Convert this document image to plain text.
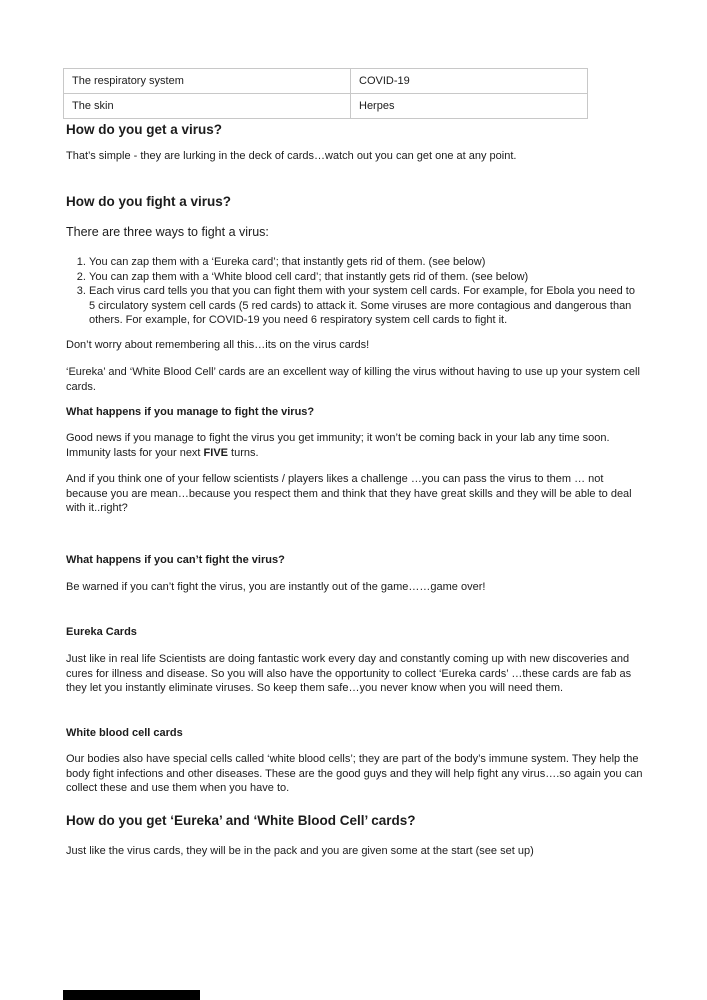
The respiratory system	COVID-19
The skin	Herpes
How do you get a virus?
That’s simple - they are lurking in the deck of cards…watch out you can get one at any point.
How do you fight a virus?
There are three ways to fight a virus:
1. You can zap them with a ‘Eureka card’; that instantly gets rid of them. (see below)
2. You can zap them with a ‘White blood cell card’; that instantly gets rid of them. (see below)
3. Each virus card tells you that you can fight them with your system cell cards. For example, for Ebola you need to 5 circulatory system cell cards (5 red cards) to attack it. Some viruses are more contagious and dangerous than others. For example, for COVID-19 you need 6 respiratory system cell cards to fight it.
Don’t worry about remembering all this…its on the virus cards!
‘Eureka’ and ‘White Blood Cell’ cards are an excellent way of killing the virus without having to use up your system cell cards.
What happens if you manage to fight the virus?
Good news if you manage to fight the virus you get immunity; it won’t be coming back in your lab any time soon. Immunity lasts for your next FIVE turns.
And if you think one of your fellow scientists / players likes a challenge …you can pass the virus to them … not because you are mean…because you respect them and think that they have great skills and they will be able to deal with it..right?
What happens if you can’t fight the virus?
Be warned if you can’t fight the virus, you are instantly out of the game……game over!
Eureka Cards
Just like in real life Scientists are doing fantastic work every day and constantly coming up with new discoveries and cures for illness and disease. So you will also have the opportunity to collect ‘Eureka cards’ …these cards are fab as they let you instantly eliminate viruses. So keep them safe…you never know when you will need them.
White blood cell cards
Our bodies also have special cells called ‘white blood cells’; they are part of the body’s immune system. They help the body fight infections and other diseases. These are the good guys and they will help fight any virus….so again you can collect these and use them when you have to.
How do you get ‘Eureka’ and ‘White Blood Cell’ cards?
Just like the virus cards, they will be in the pack and you are given some at the start (see set up)
